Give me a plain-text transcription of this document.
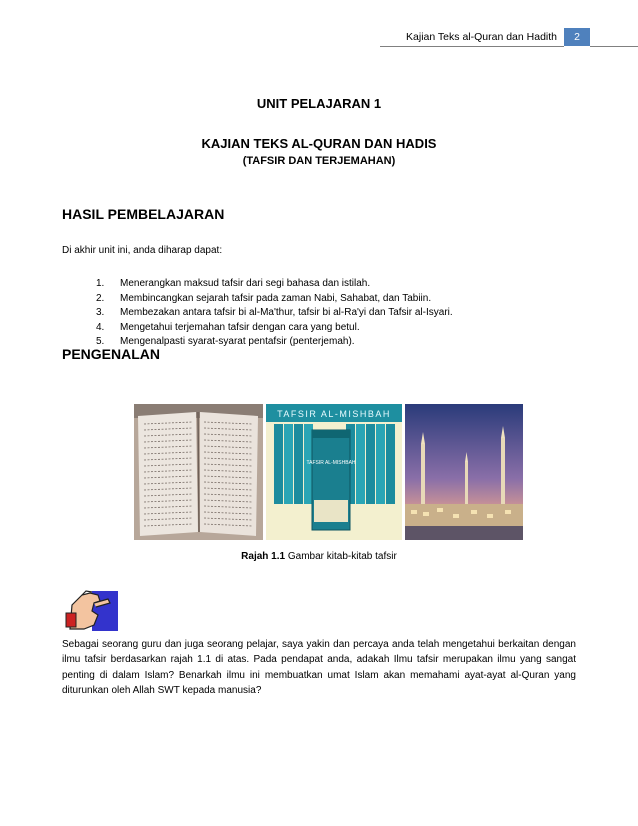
Kajian Teks al-Quran dan Hadith	2
UNIT PELAJARAN 1
KAJIAN TEKS AL-QURAN DAN HADIS
(TAFSIR DAN TERJEMAHAN)
HASIL PEMBELAJARAN
Di akhir unit ini, anda diharap dapat:
1. Menerangkan maksud tafsir dari segi bahasa dan istilah.
2. Membincangkan sejarah tafsir pada zaman Nabi, Sahabat, dan Tabiin.
3. Membezakan antara tafsir bi al-Ma'thur, tafsir bi al-Ra'yi dan Tafsir al-Isyari.
4. Mengetahui terjemahan tafsir dengan cara yang betul.
5. Mengenalpasti syarat-syarat pentafsir (penterjemah).
PENGENALAN
TAFSIR AL-MISHBAH
TAFSIR AL-MISHBAH
Rajah 1.1 Gambar kitab-kitab tafsir
Sebagai seorang guru dan juga seorang pelajar, saya yakin dan percaya anda telah mengetahui berkaitan dengan ilmu tafsir berdasarkan rajah 1.1 di atas. Pada pendapat anda, adakah Ilmu tafsir merupakan ilmu yang sangat penting di dalam Islam? Benarkah ilmu ini membuatkan umat Islam akan memahami ayat-ayat al-Quran yang diturunkan oleh Allah SWT kepada manusia?
